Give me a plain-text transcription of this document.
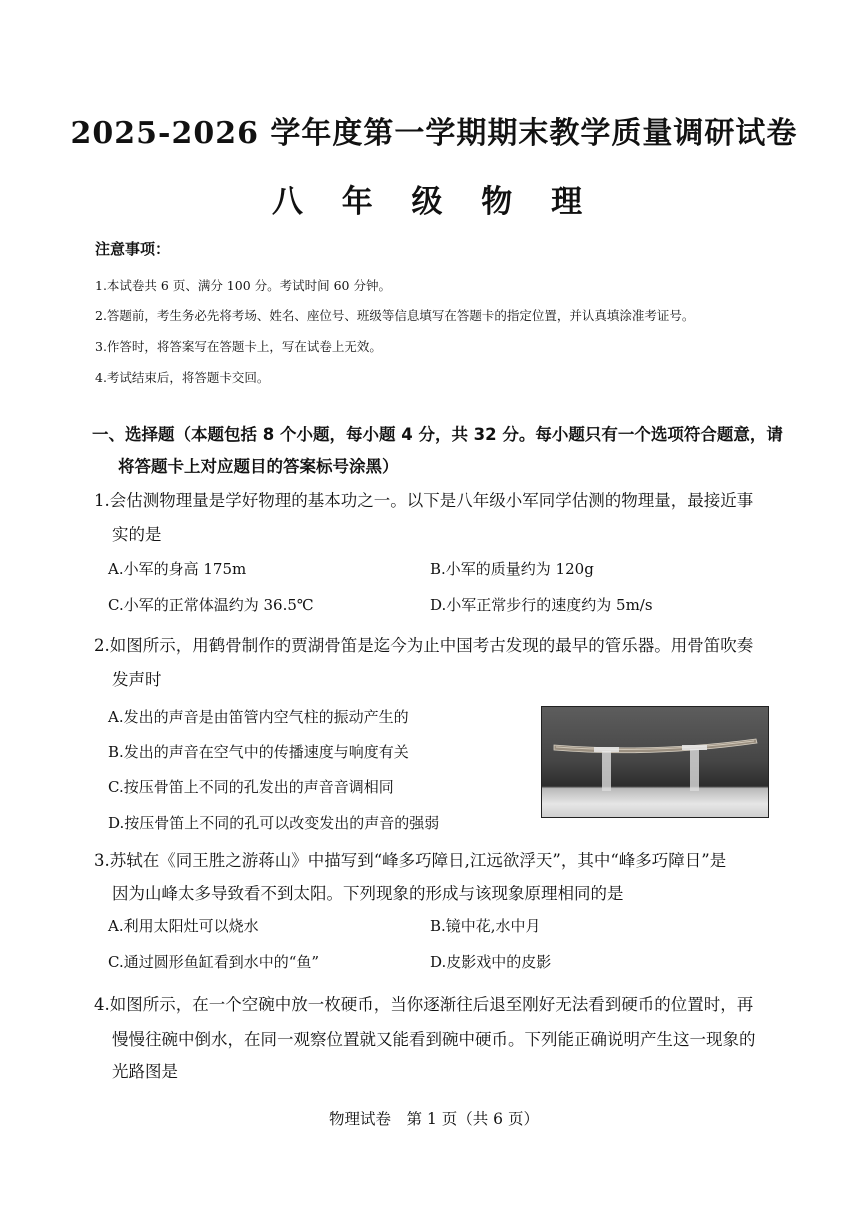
2025-2026 学年度第一学期期末教学质量调研试卷
八 年 级 物 理
注意事项：
1.本试卷共 6 页、满分 100 分。考试时间 60 分钟。
2.答题前，考生务必先将考场、姓名、座位号、班级等信息填写在答题卡的指定位置，并认真填涂准考证号。
3.作答时，将答案写在答题卡上，写在试卷上无效。
4.考试结束后，将答题卡交回。
一、选择题（本题包括 8 个小题，每小题 4 分，共 32 分。每小题只有一个选项符合题意，请
将答题卡上对应题目的答案标号涂黑）
1.会估测物理量是学好物理的基本功之一。以下是八年级小军同学估测的物理量，最接近事
实的是
A.小军的身高 175m	B.小军的质量约为 120g
C.小军的正常体温约为 36.5℃	D.小军正常步行的速度约为 5m/s
2.如图所示，用鹤骨制作的贾湖骨笛是迄今为止中国考古发现的最早的管乐器。用骨笛吹奏
发声时
A.发出的声音是由笛管内空气柱的振动产生的
B.发出的声音在空气中的传播速度与响度有关
C.按压骨笛上不同的孔发出的声音音调相同
D.按压骨笛上不同的孔可以改变发出的声音的强弱
3.苏轼在《同王胜之游蒋山》中描写到“峰多巧障日,江远欲浮天”，其中“峰多巧障日”是
因为山峰太多导致看不到太阳。下列现象的形成与该现象原理相同的是
A.利用太阳灶可以烧水	B.镜中花,水中月
C.通过圆形鱼缸看到水中的“鱼”	D.皮影戏中的皮影
4.如图所示，在一个空碗中放一枚硬币，当你逐渐往后退至刚好无法看到硬币的位置时，再
慢慢往碗中倒水，在同一观察位置就又能看到碗中硬币。下列能正确说明产生这一现象的
光路图是
物理试卷　第 1 页（共 6 页）
